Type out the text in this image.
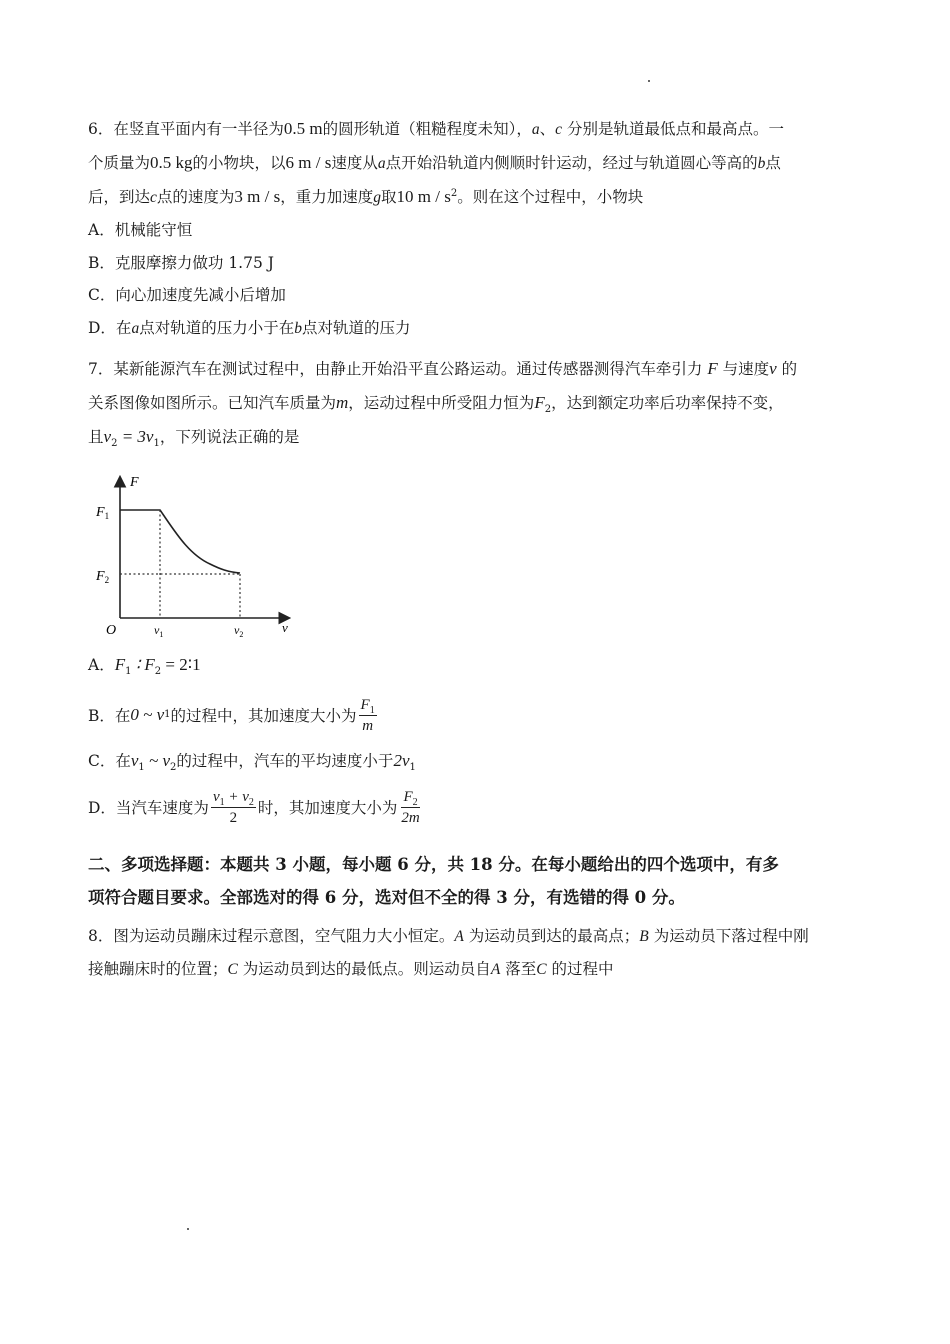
6．在竖直平面内有一半径为0.5 m的圆形轨道（粗糙程度未知），a、c 分别是轨道最低点和最高点。一

个质量为0.5 kg的小物块，以6 m / s速度从a点开始沿轨道内侧顺时针运动，经过与轨道圆心等高的b点

后，到达c点的速度为3 m / s，重力加速度g取10 m / $s^2$。则在这个过程中，小物块

A．机械能守恒

B．克服摩擦力做功 1.75 J

C．向心加速度先减小后增加

D．在a点对轨道的压力小于在b点对轨道的压力

7．某新能源汽车在测试过程中，由静止开始沿平直公路运动。通过传感器测得汽车牵引力 F 与速度v 的

关系图像如图所示。已知汽车质量为m，运动过程中所受阻力恒为$F_2$，达到额定功率后功率保持不变，

且$v_2 = 3v_1$，下列说法正确的是

A．$F_1$ ∶ $F_2$ = 2∶1

B．在 0 ~ v 1 的过程中，其加速度大小为 $\frac{F_1}{m}$

C．在$v_1$ ~ $v_2$的过程中，汽车的平均速度小于$2v_1$

D．当汽车速度为 $\frac{v_1 + v_2}{2}$ 时，其加速度大小为 $\frac{F_2}{2m}$

二、多项选择题：本题共 3 小题，每小题 6 分，共 18 分。在每小题给出的四个选项中，有多

项符合题目要求。全部选对的得 6 分，选对但不全的得 3 分，有选错的得 0 分。

8．图为运动员蹦床过程示意图，空气阻力大小恒定。A 为运动员到达的最高点；B 为运动员下落过程中刚

接触蹦床时的位置；C 为运动员到达的最低点。则运动员自A 落至C 的过程中

F
v
O
$F_1$
$F_2$
$v_1$	$v_2$
